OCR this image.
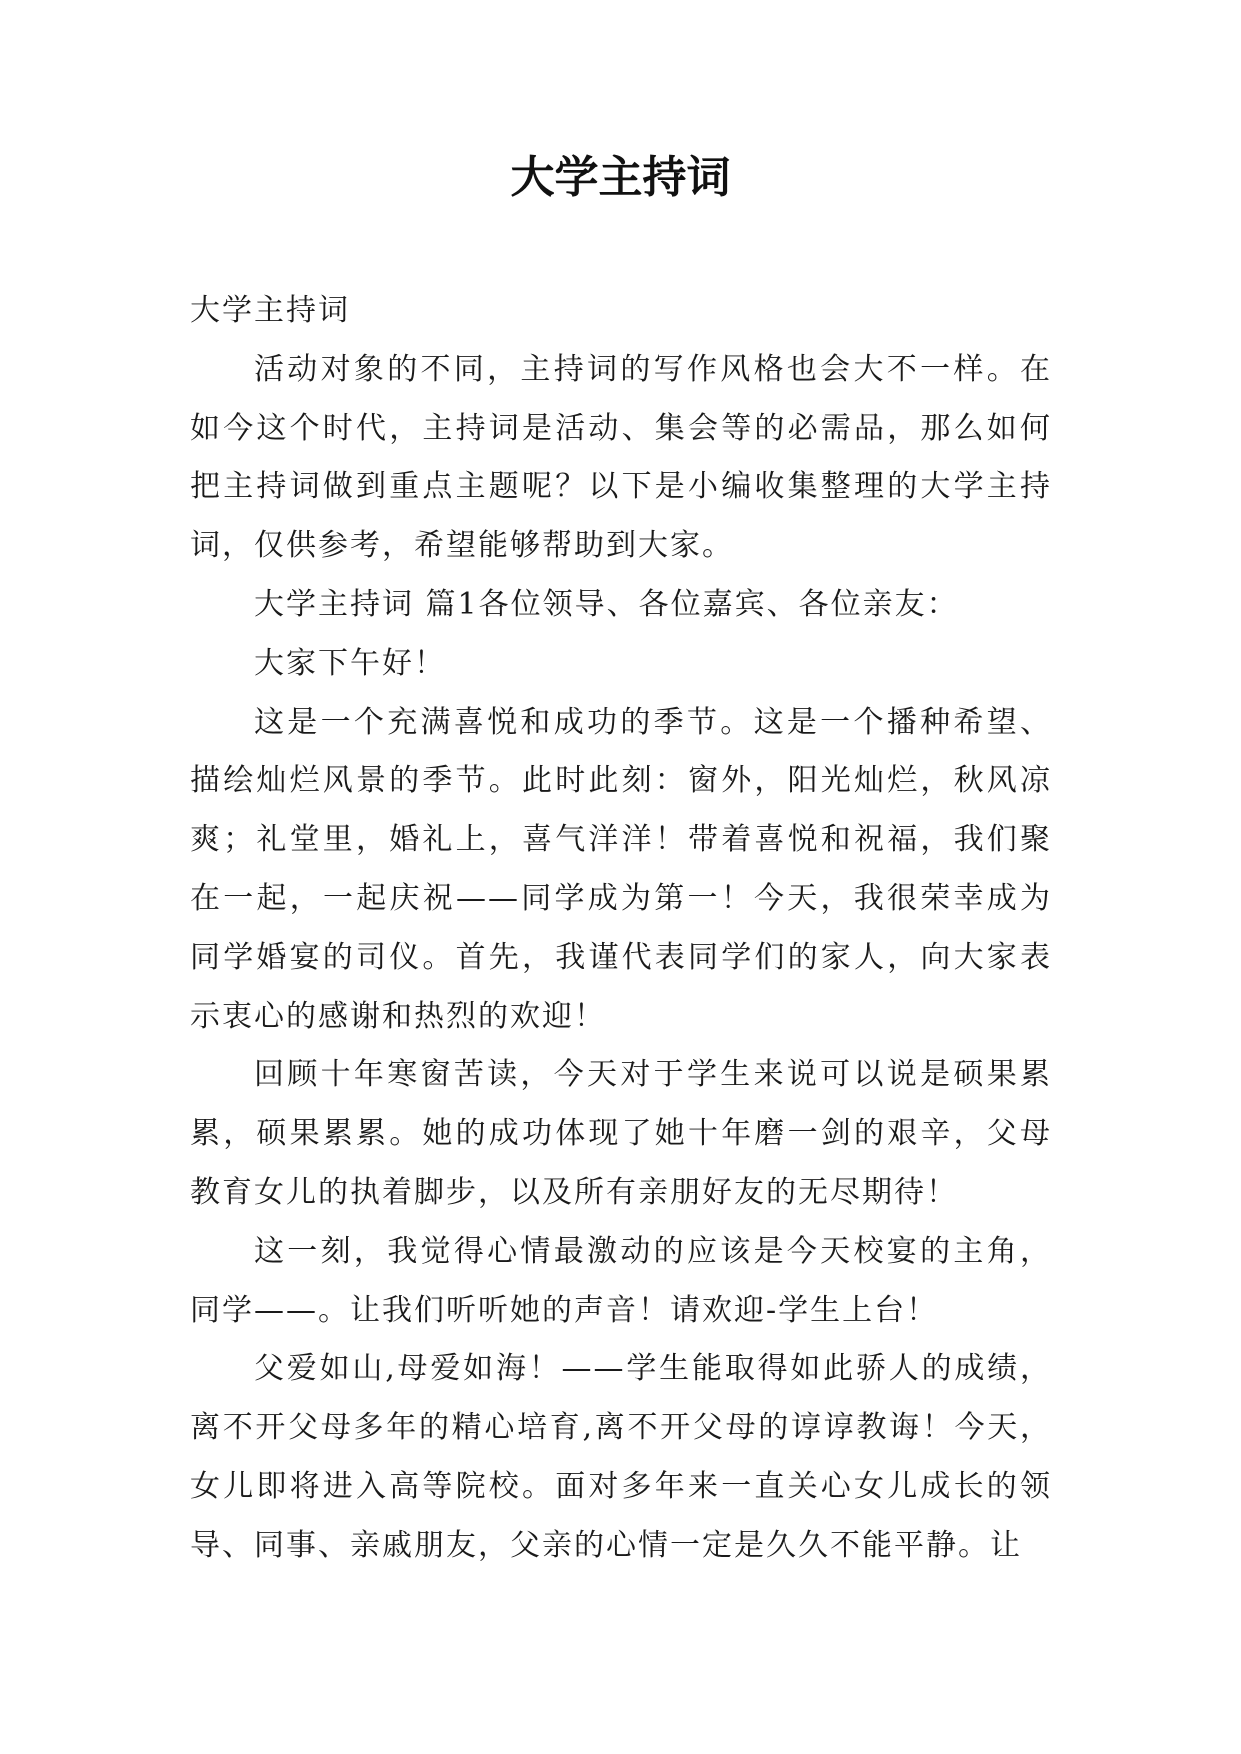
大学主持词

大学主持词

活动对象的不同，主持词的写作风格也会大不一样。在如今这个时代，主持词是活动、集会等的必需品，那么如何把主持词做到重点主题呢？以下是小编收集整理的大学主持词，仅供参考，希望能够帮助到大家。

大学主持词 篇1各位领导、各位嘉宾、各位亲友：

大家下午好！

这是一个充满喜悦和成功的季节。这是一个播种希望、描绘灿烂风景的季节。此时此刻：窗外，阳光灿烂，秋风凉爽；礼堂里，婚礼上，喜气洋洋！带着喜悦和祝福，我们聚在一起，一起庆祝——同学成为第一！今天，我很荣幸成为同学婚宴的司仪。首先，我谨代表同学们的家人，向大家表示衷心的感谢和热烈的欢迎！

回顾十年寒窗苦读，今天对于学生来说可以说是硕果累累，硕果累累。她的成功体现了她十年磨一剑的艰辛，父母教育女儿的执着脚步，以及所有亲朋好友的无尽期待！

这一刻，我觉得心情最激动的应该是今天校宴的主角，同学——。让我们听听她的声音！请欢迎-学生上台！

父爱如山,母爱如海！——学生能取得如此骄人的成绩，离不开父母多年的精心培育,离不开父母的谆谆教诲！今天，女儿即将进入高等院校。面对多年来一直关心女儿成长的领导、同事、亲戚朋友，父亲的心情一定是久久不能平静。让
